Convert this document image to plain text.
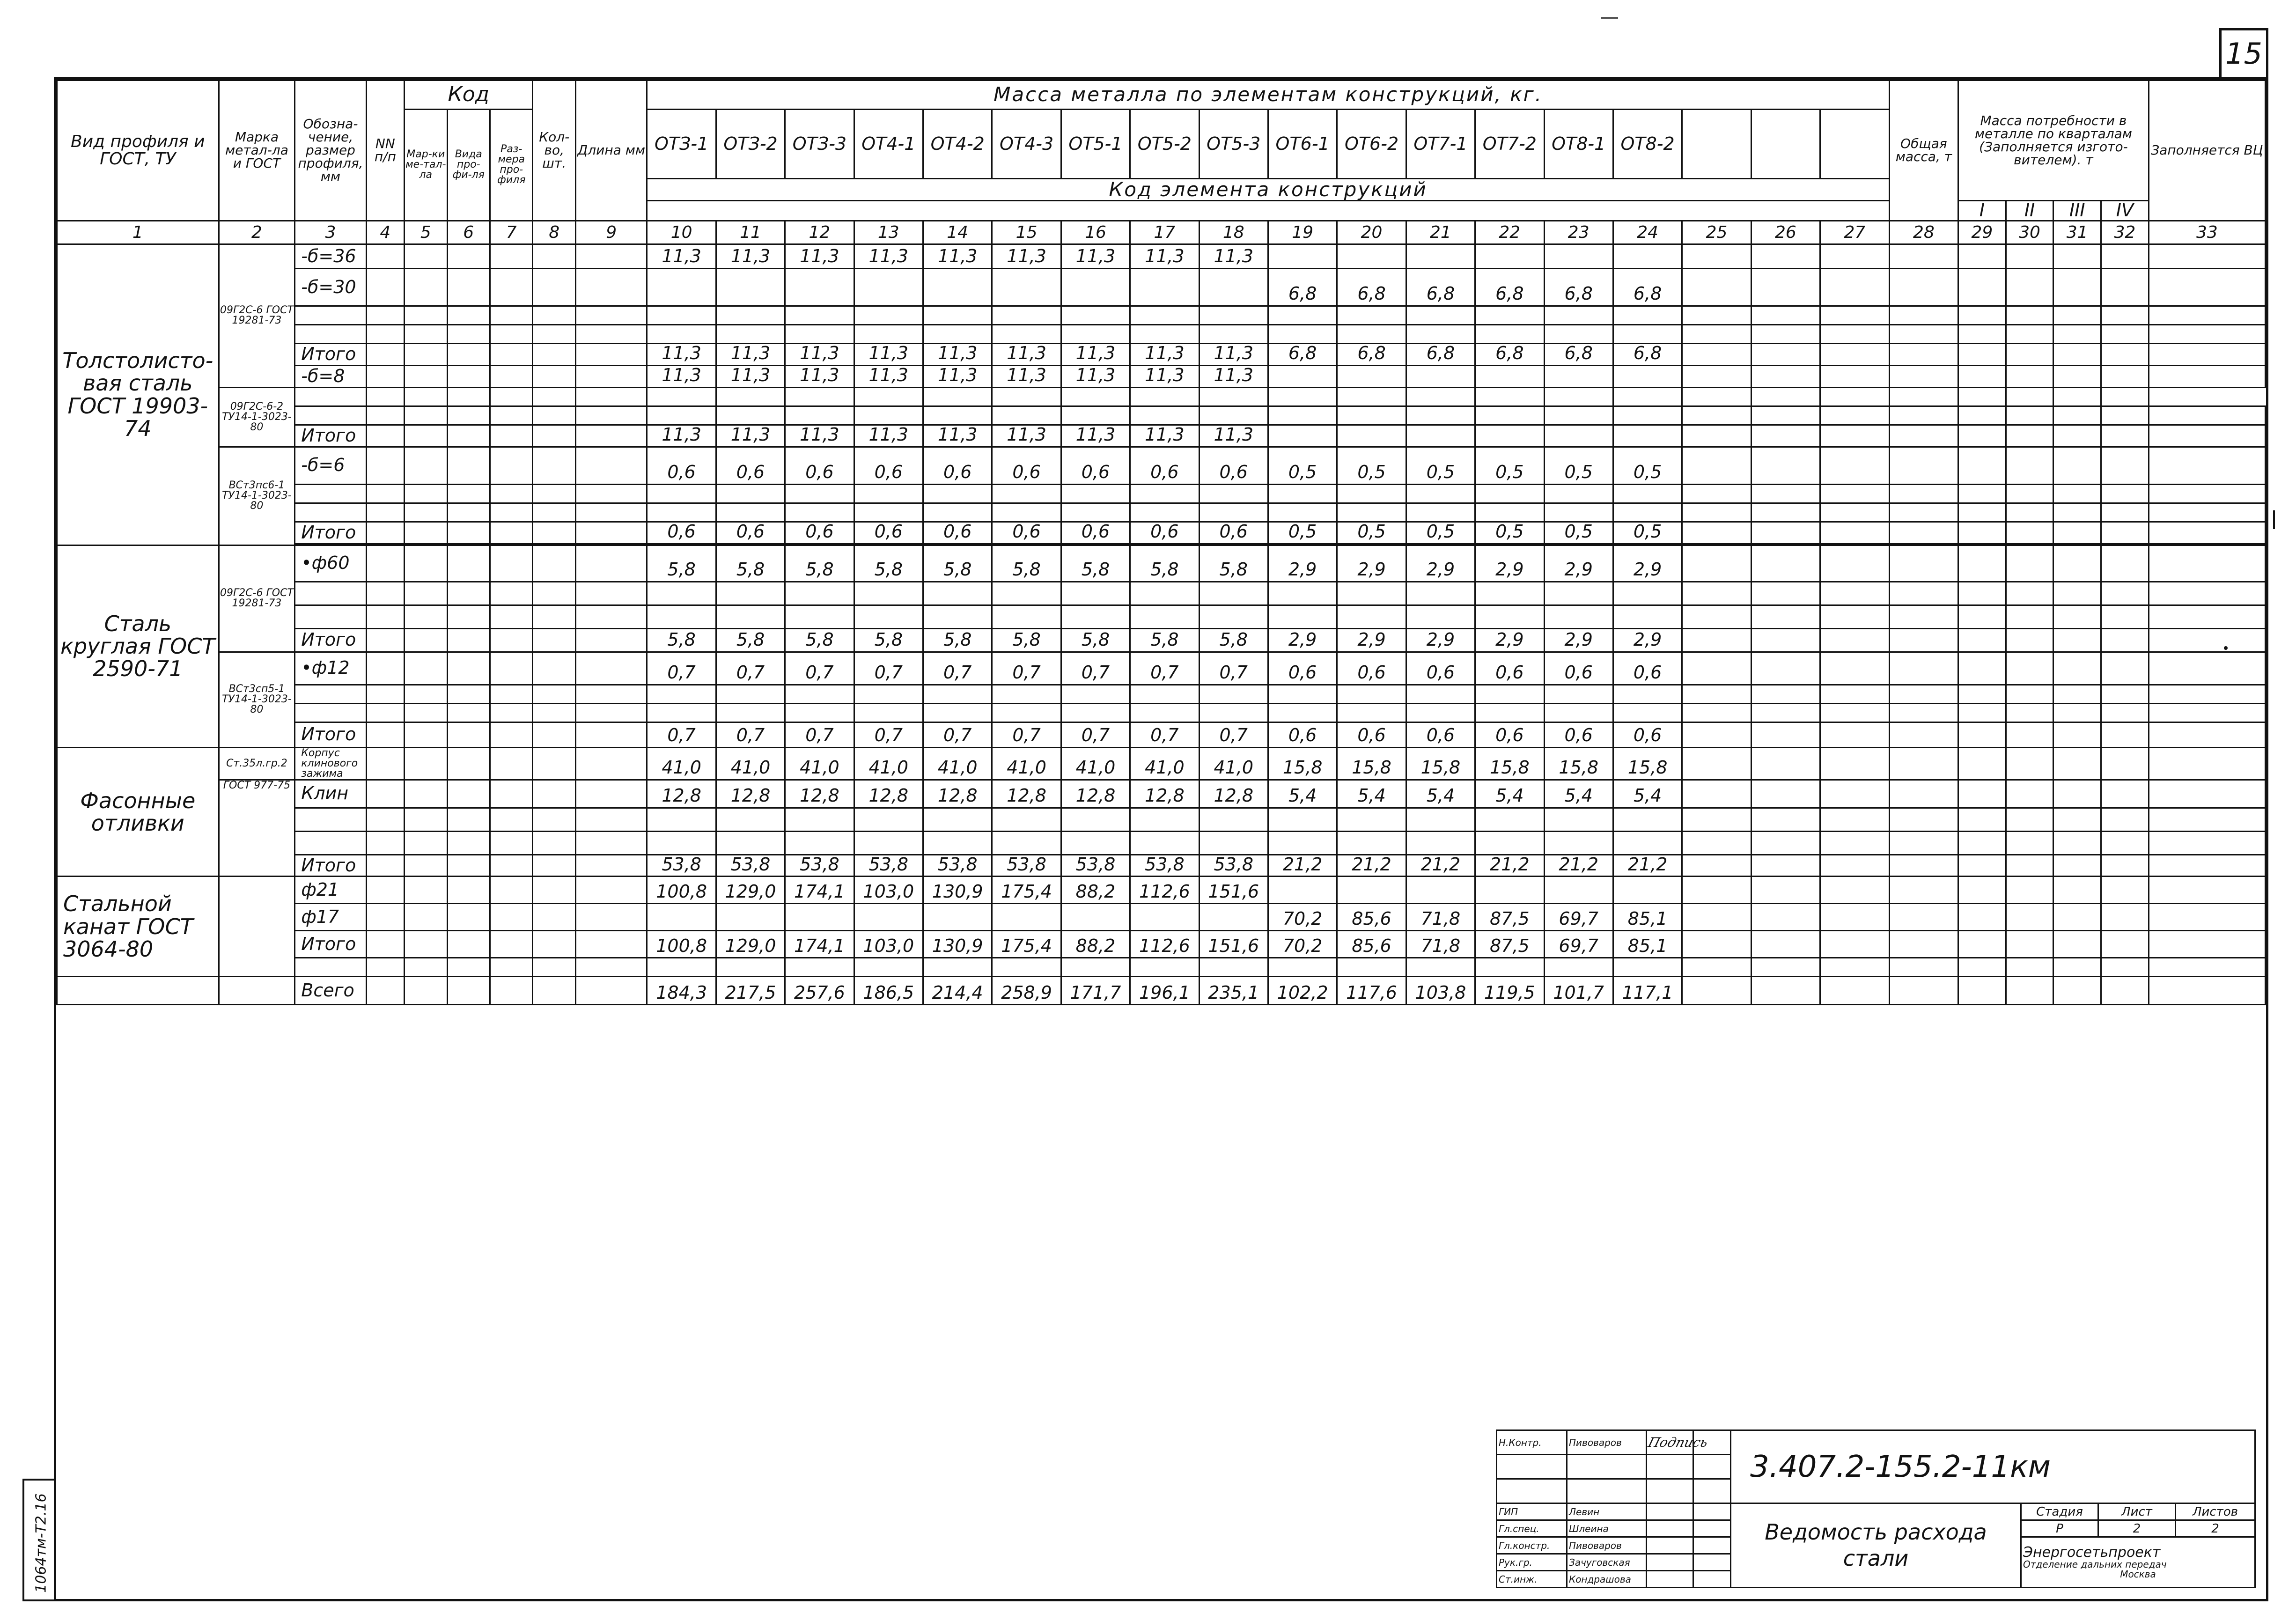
15
1064тм-Т2.16
Вид профиля и ГОСТ, ТУ	Марка метал-ла и ГОСТ	Обозна-чение, размер профиля, мм	NN п/п	Код			Кол-во, шт.	Длина мм	Масса металла по элементам конструкций, кг.																		Общая масса, т	Масса потребности в металле по кварталам (Заполняется изгото-вителем). т				Заполняется ВЦ
				Мар-ки ме-тал-ла	Вида про-фи-ля	Раз-мера про-филя			ОТЗ-1	ОТЗ-2	ОТЗ-3	ОТ4-1	ОТ4-2	ОТ4-3	ОТ5-1	ОТ5-2	ОТ5-3	ОТ6-1	ОТ6-2	ОТ7-1	ОТ7-2	ОТ8-1	ОТ8-2									
									Код элемента конструкций																							
																												I	II	III	IV	
1	2	3	4	5	6	7	8	9	10	11	12	13	14	15	16	17	18	19	20	21	22	23	24	25	26	27	28	29	30	31	32	33
Толстолисто-вая сталь ГОСТ 19903-74	09Г2С-6 ГОСТ 19281-73	-б=36							11,3	11,3	11,3	11,3	11,3	11,3	11,3	11,3	11,3															
		-б=30																6,8	6,8	6,8	6,8	6,8	6,8									

		Итого							11,3	11,3	11,3	11,3	11,3	11,3	11,3	11,3	11,3	6,8	6,8	6,8	6,8	6,8	6,8									
		-б=8							11,3	11,3	11,3	11,3	11,3	11,3	11,3	11,3	11,3															
	09Г2С-6-2 ТУ14-1-3023-80																															

		Итого							11,3	11,3	11,3	11,3	11,3	11,3	11,3	11,3	11,3															
	ВСт3пс6-1 ТУ14-1-3023-80	-б=6							0,6	0,6	0,6	0,6	0,6	0,6	0,6	0,6	0,6	0,5	0,5	0,5	0,5	0,5	0,5									

		Итого							0,6	0,6	0,6	0,6	0,6	0,6	0,6	0,6	0,6	0,5	0,5	0,5	0,5	0,5	0,5									

Сталь круглая ГОСТ 2590-71	09Г2С-6 ГОСТ 19281-73	•ф60							5,8	5,8	5,8	5,8	5,8	5,8	5,8	5,8	5,8	2,9	2,9	2,9	2,9	2,9	2,9									

		Итого							5,8	5,8	5,8	5,8	5,8	5,8	5,8	5,8	5,8	2,9	2,9	2,9	2,9	2,9	2,9									
	ВСт3сп5-1 ТУ14-1-3023-80	•ф12							0,7	0,7	0,7	0,7	0,7	0,7	0,7	0,7	0,7	0,6	0,6	0,6	0,6	0,6	0,6									

		Итого							0,7	0,7	0,7	0,7	0,7	0,7	0,7	0,7	0,7	0,6	0,6	0,6	0,6	0,6	0,6									
Фасонные отливки	Ст.35л.гр.2	Корпус клинового зажима							41,0	41,0	41,0	41,0	41,0	41,0	41,0	41,0	41,0	15,8	15,8	15,8	15,8	15,8	15,8									
	ГОСТ 977-75	Клин							12,8	12,8	12,8	12,8	12,8	12,8	12,8	12,8	12,8	5,4	5,4	5,4	5,4	5,4	5,4									

		Итого							53,8	53,8	53,8	53,8	53,8	53,8	53,8	53,8	53,8	21,2	21,2	21,2	21,2	21,2	21,2									
Стальной канат ГОСТ 3064-80		ф21							100,8	129,0	174,1	103,0	130,9	175,4	88,2	112,6	151,6															
		ф17																70,2	85,6	71,8	87,5	69,7	85,1									
		Итого							100,8	129,0	174,1	103,0	130,9	175,4	88,2	112,6	151,6	70,2	85,6	71,8	87,5	69,7	85,1									

		Всего							184,3	217,5	257,6	186,5	214,4	258,9	171,7	196,1	235,1	102,2	117,6	103,8	119,5	101,7	117,1									
Н.Контр.	Пивоваров	Подпись		3.407.2-155.2-11км			

ГИП	Левин			Ведомость расхода стали	Стадия	Лист	Листов
Гл.спец.	Шлеина				Р	2	2
Гл.констр.	Пивоваров				Энергосетьпроект
Отделение дальних передач
Москва		

Рук.гр.	Зачуговская						
Ст.инж.	Кондрашова						
